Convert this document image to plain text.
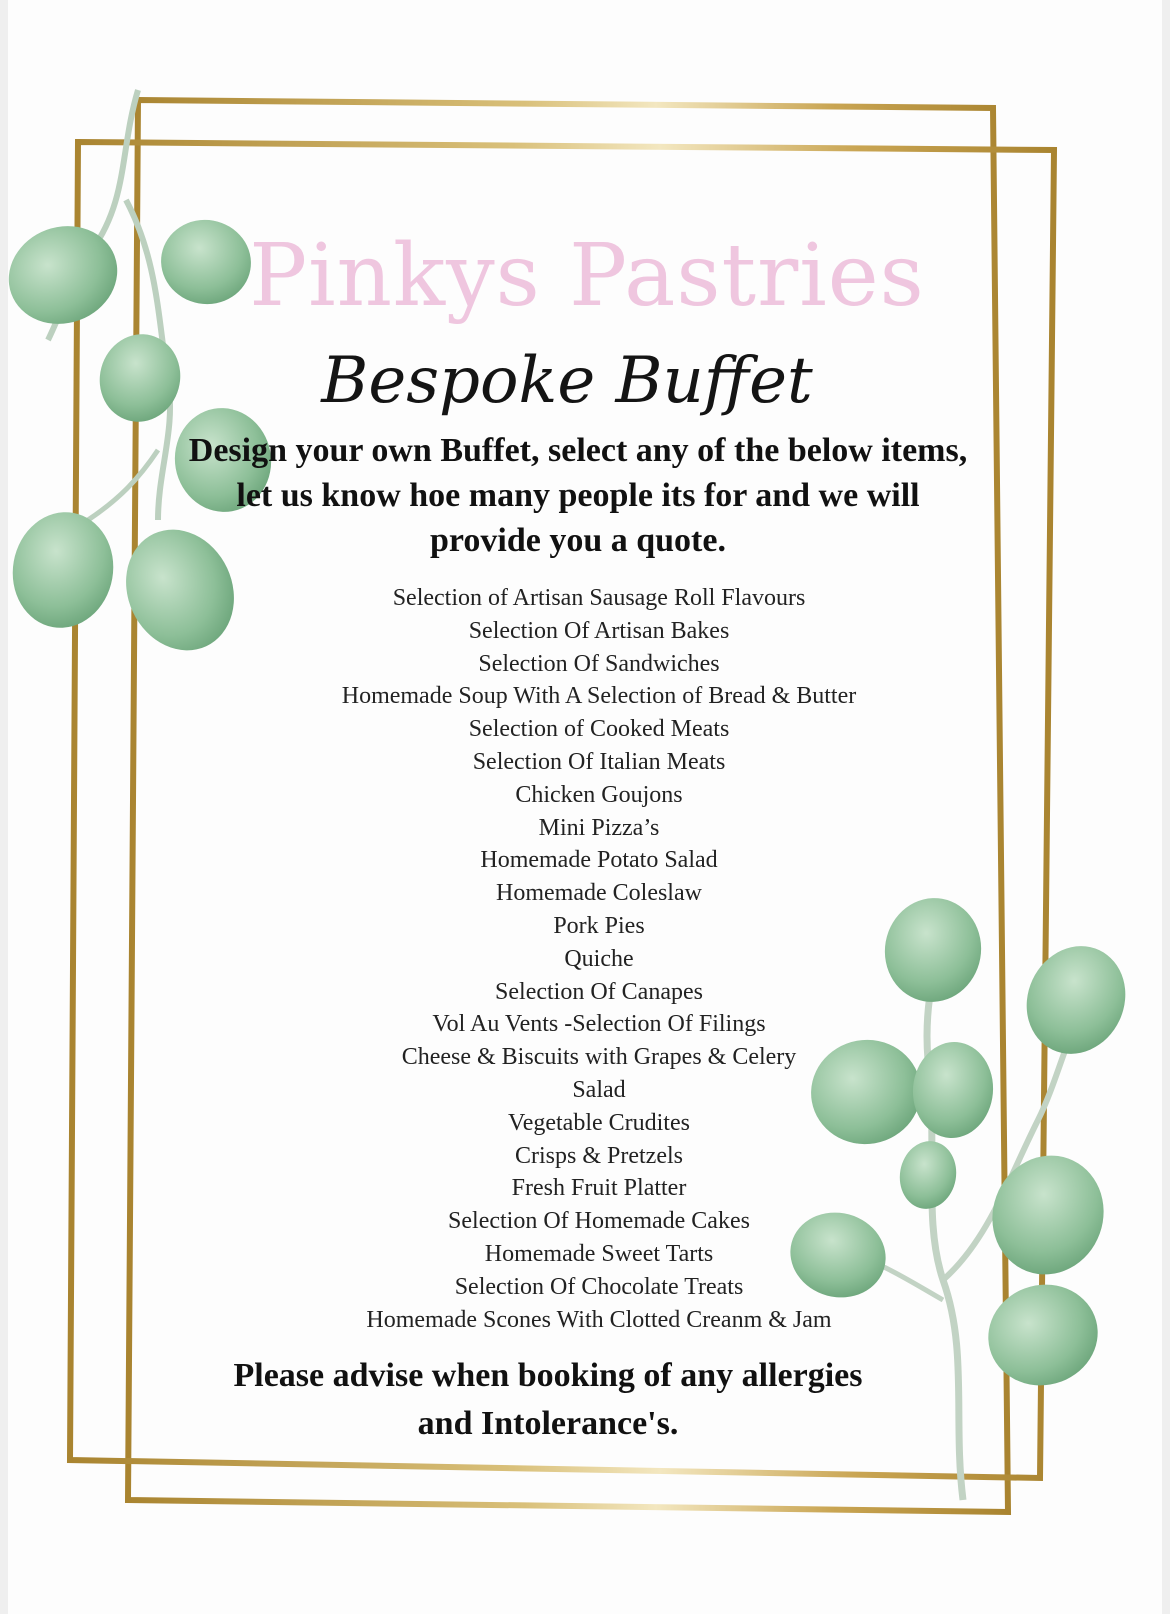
Pinkys Pastries
Bespoke Buffet
Design your own Buffet, select any of the below items,
let us know hoe many people its for and we will
provide you a quote.
Selection of Artisan Sausage Roll Flavours
Selection Of Artisan Bakes
Selection Of Sandwiches
Homemade Soup With A Selection of Bread & Butter
Selection of Cooked Meats
Selection Of Italian Meats
Chicken Goujons
Mini Pizza’s
Homemade Potato Salad
Homemade Coleslaw
Pork Pies
Quiche
Selection Of Canapes
Vol Au Vents -Selection Of Filings
Cheese & Biscuits with Grapes & Celery
Salad
Vegetable Crudites
Crisps & Pretzels
Fresh Fruit Platter
Selection Of Homemade Cakes
Homemade Sweet Tarts
Selection Of Chocolate Treats
Homemade Scones With Clotted Creanm & Jam
Please advise when booking of any allergies
and Intolerance's.
